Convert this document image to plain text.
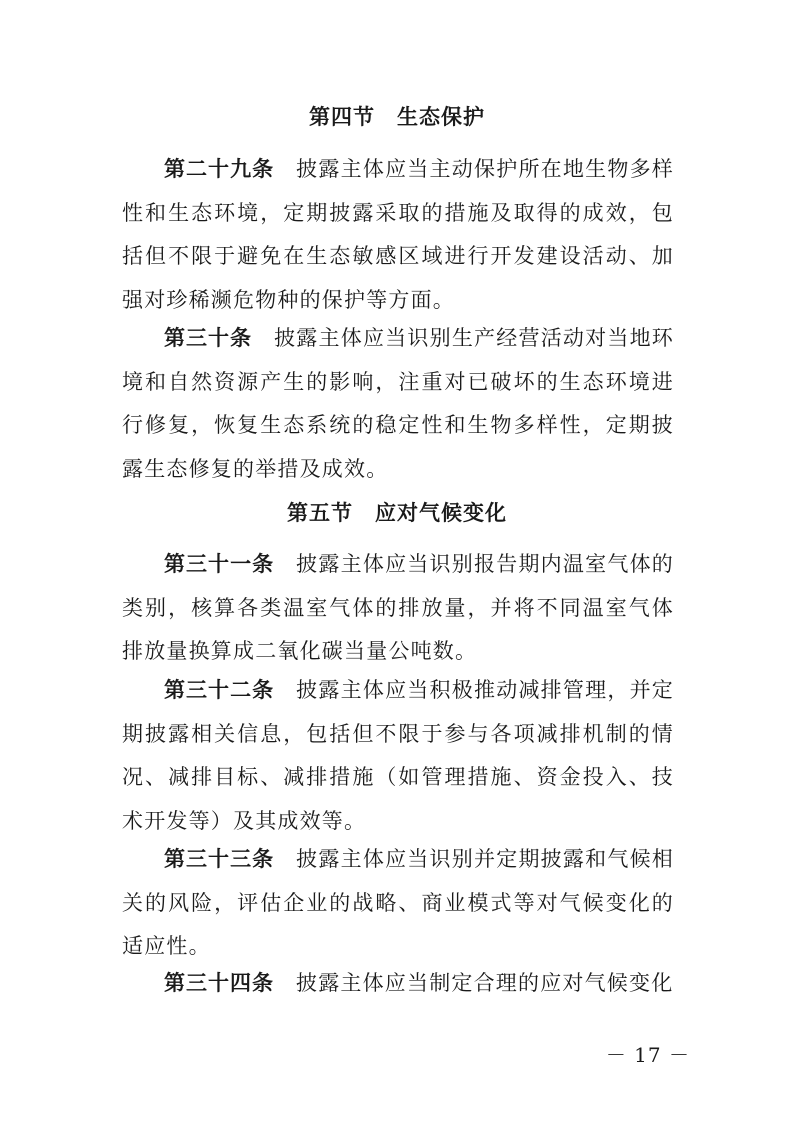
第四节　生态保护
第二十九条 披露主体应当主动保护所在地生物多样性和生态环境，定期披露采取的措施及取得的成效，包括但不限于避免在生态敏感区域进行开发建设活动、加强对珍稀濒危物种的保护等方面。
第三十条 披露主体应当识别生产经营活动对当地环境和自然资源产生的影响，注重对已破坏的生态环境进行修复，恢复生态系统的稳定性和生物多样性，定期披露生态修复的举措及成效。
第五节　应对气候变化
第三十一条 披露主体应当识别报告期内温室气体的类别，核算各类温室气体的排放量，并将不同温室气体排放量换算成二氧化碳当量公吨数。
第三十二条 披露主体应当积极推动减排管理，并定期披露相关信息，包括但不限于参与各项减排机制的情况、减排目标、减排措施（如管理措施、资金投入、技术开发等）及其成效等。
第三十三条 披露主体应当识别并定期披露和气候相关的风险，评估企业的战略、商业模式等对气候变化的适应性。
第三十四条 披露主体应当制定合理的应对气候变化
－ 17 －
